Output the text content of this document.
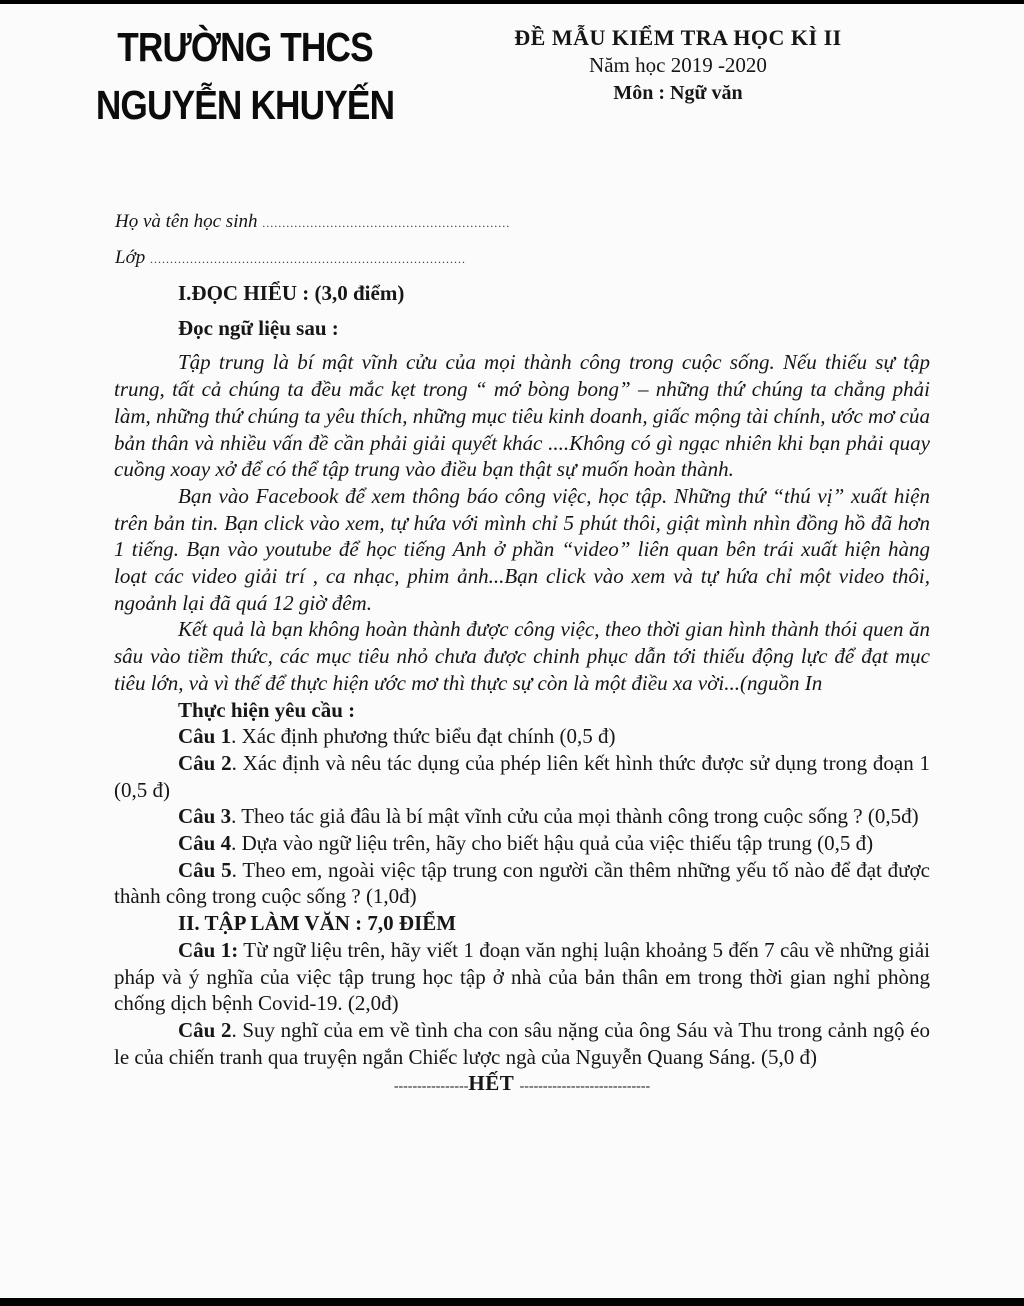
TRƯỜNG THCS NGUYỄN KHUYẾN
ĐỀ MẪU KIỂM TRA HỌC KÌ II
Năm học 2019 -2020
Môn : Ngữ văn
Họ và tên học sinh ..............................................................
Lớp ...............................................................................

I.ĐỌC HIỂU : (3,0 điểm)

Đọc ngữ liệu sau :

Tập trung là bí mật vĩnh cửu của mọi thành công trong cuộc sống. Nếu thiếu sự tập trung, tất cả chúng ta đều mắc kẹt trong “ mớ bòng bong” – những thứ chúng ta chẳng phải làm, những thứ chúng ta yêu thích, những mục tiêu kinh doanh, giấc mộng tài chính, ước mơ của bản thân và nhiều vấn đề cần phải giải quyết khác ....Không có gì ngạc nhiên khi bạn phải quay cuồng xoay xở để có thể tập trung vào điều bạn thật sự muốn hoàn thành.

Bạn vào Facebook để xem thông báo công việc, học tập. Những thứ “thú vị” xuất hiện trên bản tin. Bạn click vào xem, tự hứa với mình chỉ 5 phút thôi, giật mình nhìn đồng hồ đã hơn 1 tiếng. Bạn vào youtube để học tiếng Anh ở phần “video” liên quan bên trái xuất hiện hàng loạt các video giải trí , ca nhạc, phim ảnh...Bạn click vào xem và tự hứa chỉ một video thôi, ngoảnh lại đã quá 12 giờ đêm.

Kết quả là bạn không hoàn thành được công việc, theo thời gian hình thành thói quen ăn sâu vào tiềm thức, các mục tiêu nhỏ chưa được chinh phục dẫn tới thiếu động lực để đạt mục tiêu lớn, và vì thế để thực hiện ước mơ thì thực sự còn là một điều xa vời...(nguồn In

Thực hiện yêu cầu :

Câu 1. Xác định phương thức biểu đạt chính (0,5 đ)

Câu 2. Xác định và nêu tác dụng của phép liên kết hình thức được sử dụng trong đoạn 1 (0,5 đ)

Câu 3. Theo tác giả đâu là bí mật vĩnh cửu của mọi thành công trong cuộc sống ? (0,5đ)

Câu 4. Dựa vào ngữ liệu trên, hãy cho biết hậu quả của việc thiếu tập trung (0,5 đ)

Câu 5. Theo em, ngoài việc tập trung con người cần thêm những yếu tố nào để đạt được thành công trong cuộc sống ? (1,0đ)

II. TẬP LÀM VĂN : 7,0 ĐIỂM

Câu 1: Từ ngữ liệu trên, hãy viết 1 đoạn văn nghị luận khoảng 5 đến 7 câu về những giải pháp và ý nghĩa của việc tập trung học tập ở nhà của bản thân em trong thời gian nghỉ phòng chống dịch bệnh Covid-19. (2,0đ)

Câu 2. Suy nghĩ của em về tình cha con sâu nặng của ông Sáu và Thu trong cảnh ngộ éo le của chiến tranh qua truyện ngắn Chiếc lược ngà của Nguyễn Quang Sáng. (5,0 đ)

----------------HẾT ----------------------------
